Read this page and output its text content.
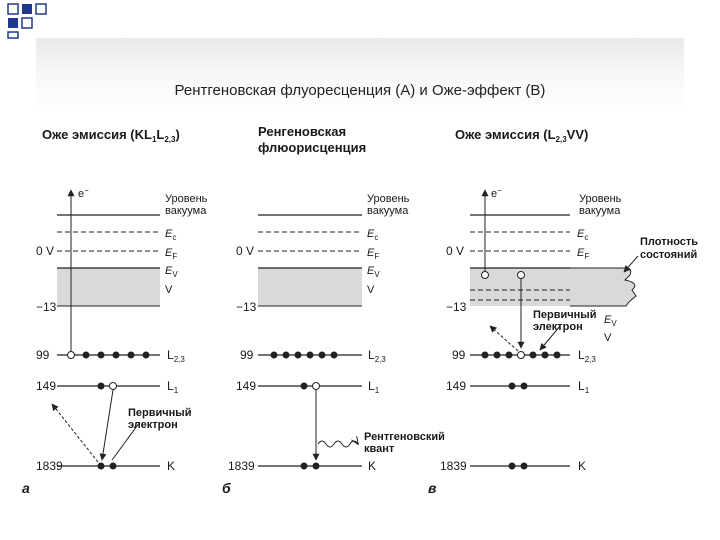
Рентгеновская флуоресценция (А) и Оже-эффект (В)
Оже эмиссия $(KL_1L_{2,3})$
e−
Уровень
вакуума
$E_c$
$E_F$
$E_V$
V
$L_{2,3}$
$L_1$
K
0 V
−13
99
149
1839
Первичный
электрон
а
Ренгеновская
флюорисценция
Уровень
вакуума
$E_c$
$E_F$
$E_V$
V
$L_{2,3}$
$L_1$
K
0 V
−13
99
149
1839
Рентгеновский
квант
б
Оже эмиссия $(L_{2,3}VV)$
e−
Уровень
вакуума
$E_c$
$E_F$
$E_V$
V
$L_{2,3}$
$L_1$
K
Плотность
состояний
0 V
−13
99
149
1839
Первичный
электрон
в
